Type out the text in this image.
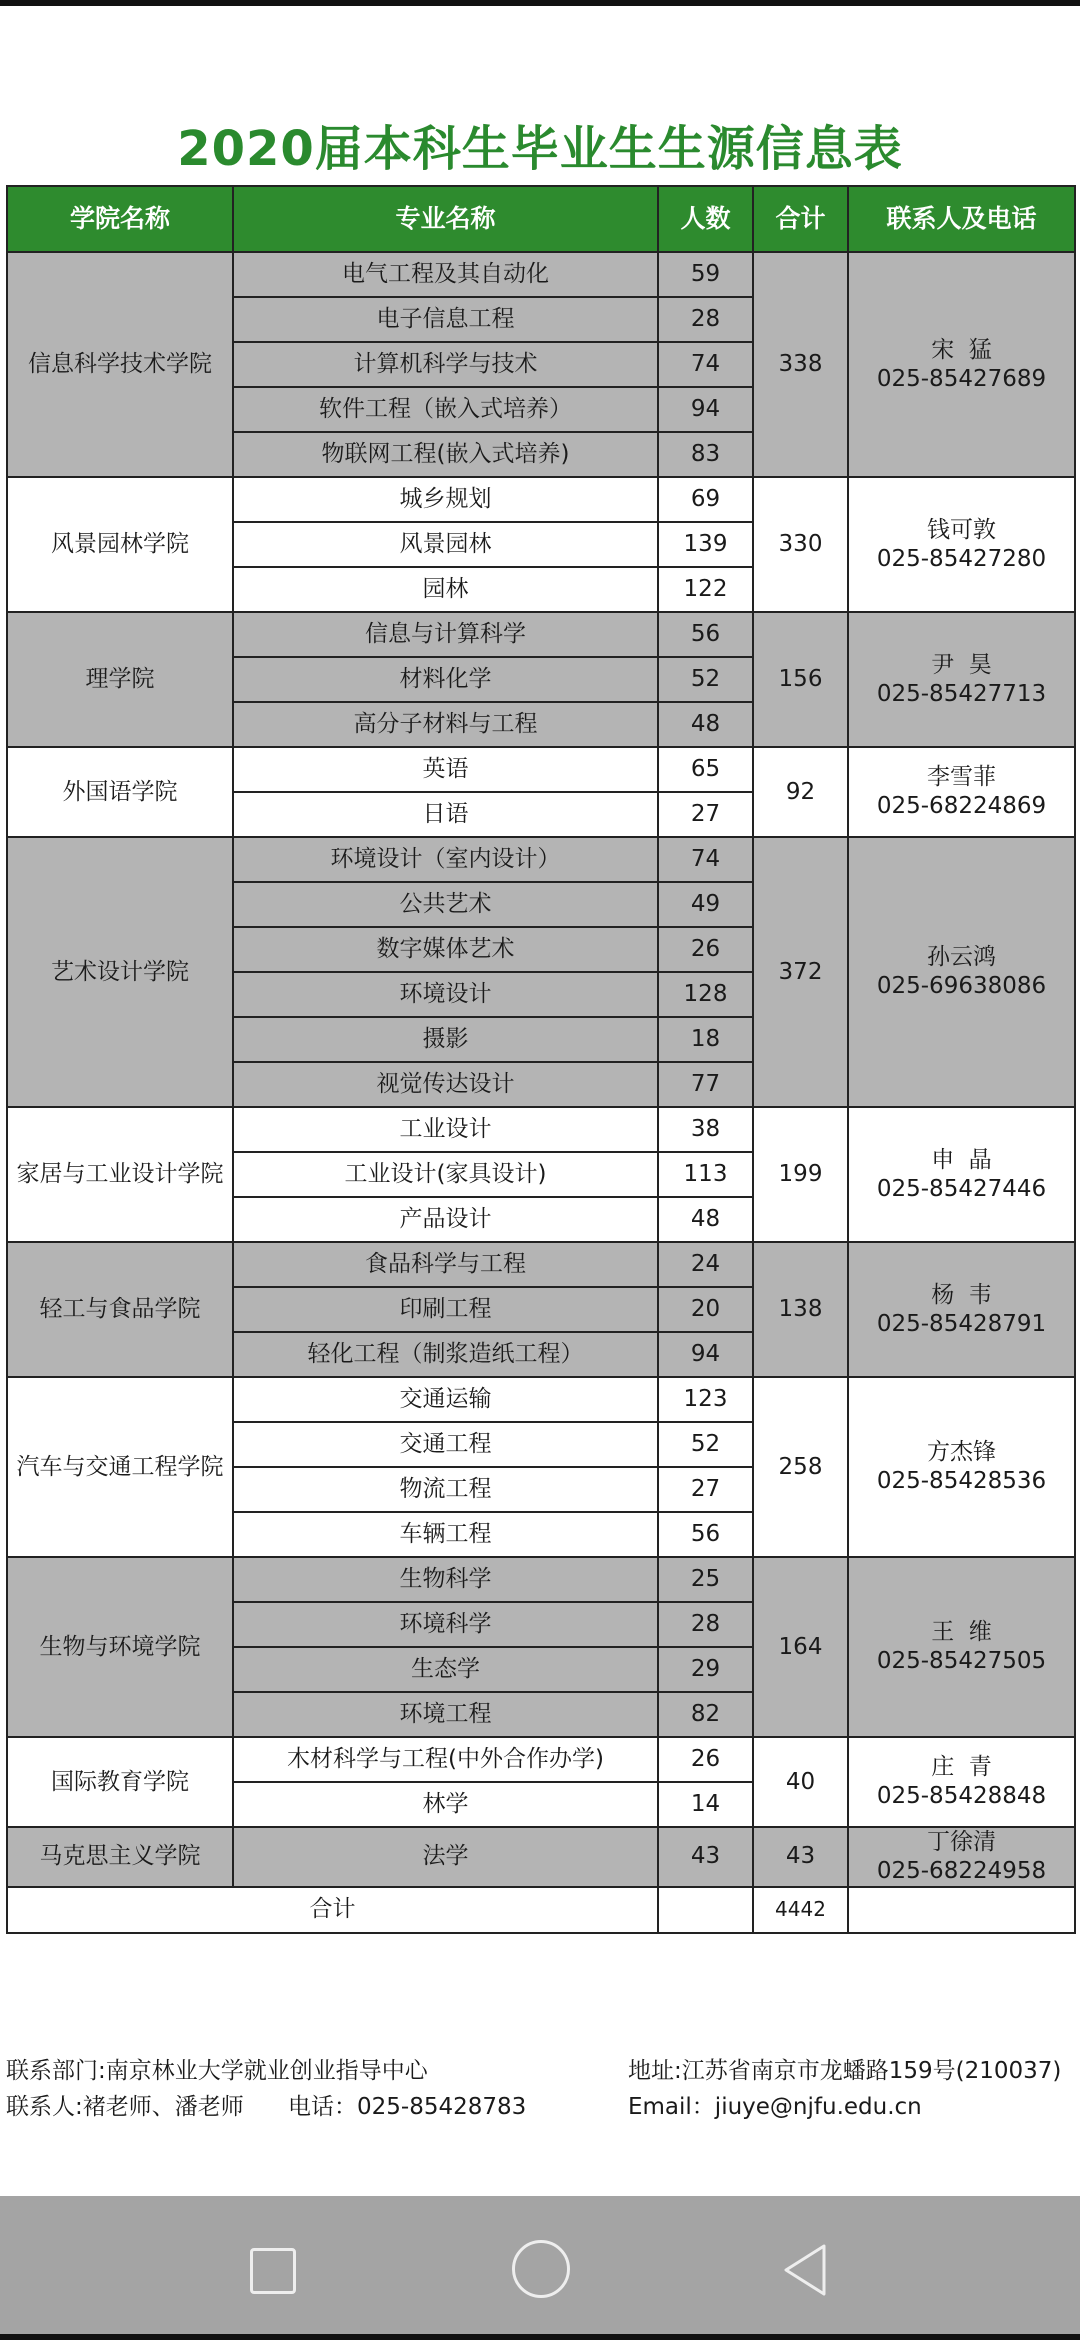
2020届本科生毕业生生源信息表
学院名称	专业名称	人数	合计	联系人及电话
信息科学技术学院	电气工程及其自动化	59	338	宋  猛
025-85427689

	电子信息工程	28		
	计算机科学与技术	74		
	软件工程（嵌入式培养）	94		
	物联网工程(嵌入式培养)	83		
风景园林学院	城乡规划	69	330	钱可敦
025-85427280

	风景园林	139		
	园林	122		
理学院	信息与计算科学	56	156	尹  昊
025-85427713

	材料化学	52		
	高分子材料与工程	48		
外国语学院	英语	65	92	李雪菲
025-68224869

	日语	27		
艺术设计学院	环境设计（室内设计）	74	372	孙云鸿
025-69638086

	公共艺术	49		
	数字媒体艺术	26		
	环境设计	128		
	摄影	18		
	视觉传达设计	77		
家居与工业设计学院	工业设计	38	199	申  晶
025-85427446

	工业设计(家具设计)	113		
	产品设计	48		
轻工与食品学院	食品科学与工程	24	138	杨  韦
025-85428791

	印刷工程	20		
	轻化工程（制浆造纸工程）	94		
汽车与交通工程学院	交通运输	123	258	方杰锋
025-85428536

	交通工程	52		
	物流工程	27		
	车辆工程	56		
生物与环境学院	生物科学	25	164	王  维
025-85427505

	环境科学	28		
	生态学	29		
	环境工程	82		
国际教育学院	木材科学与工程(中外合作办学)	26	40	庄  青
025-85428848

	林学	14		
马克思主义学院	法学	43	43	丁徐清
025-68224958

合计			4442	
联系部门:南京林业大学就业创业指导中心	地址:江苏省南京市龙蟠路159号(210037)
联系人:褚老师、潘老师 电话：025-85428783	Email：jiuye@njfu.edu.cn
